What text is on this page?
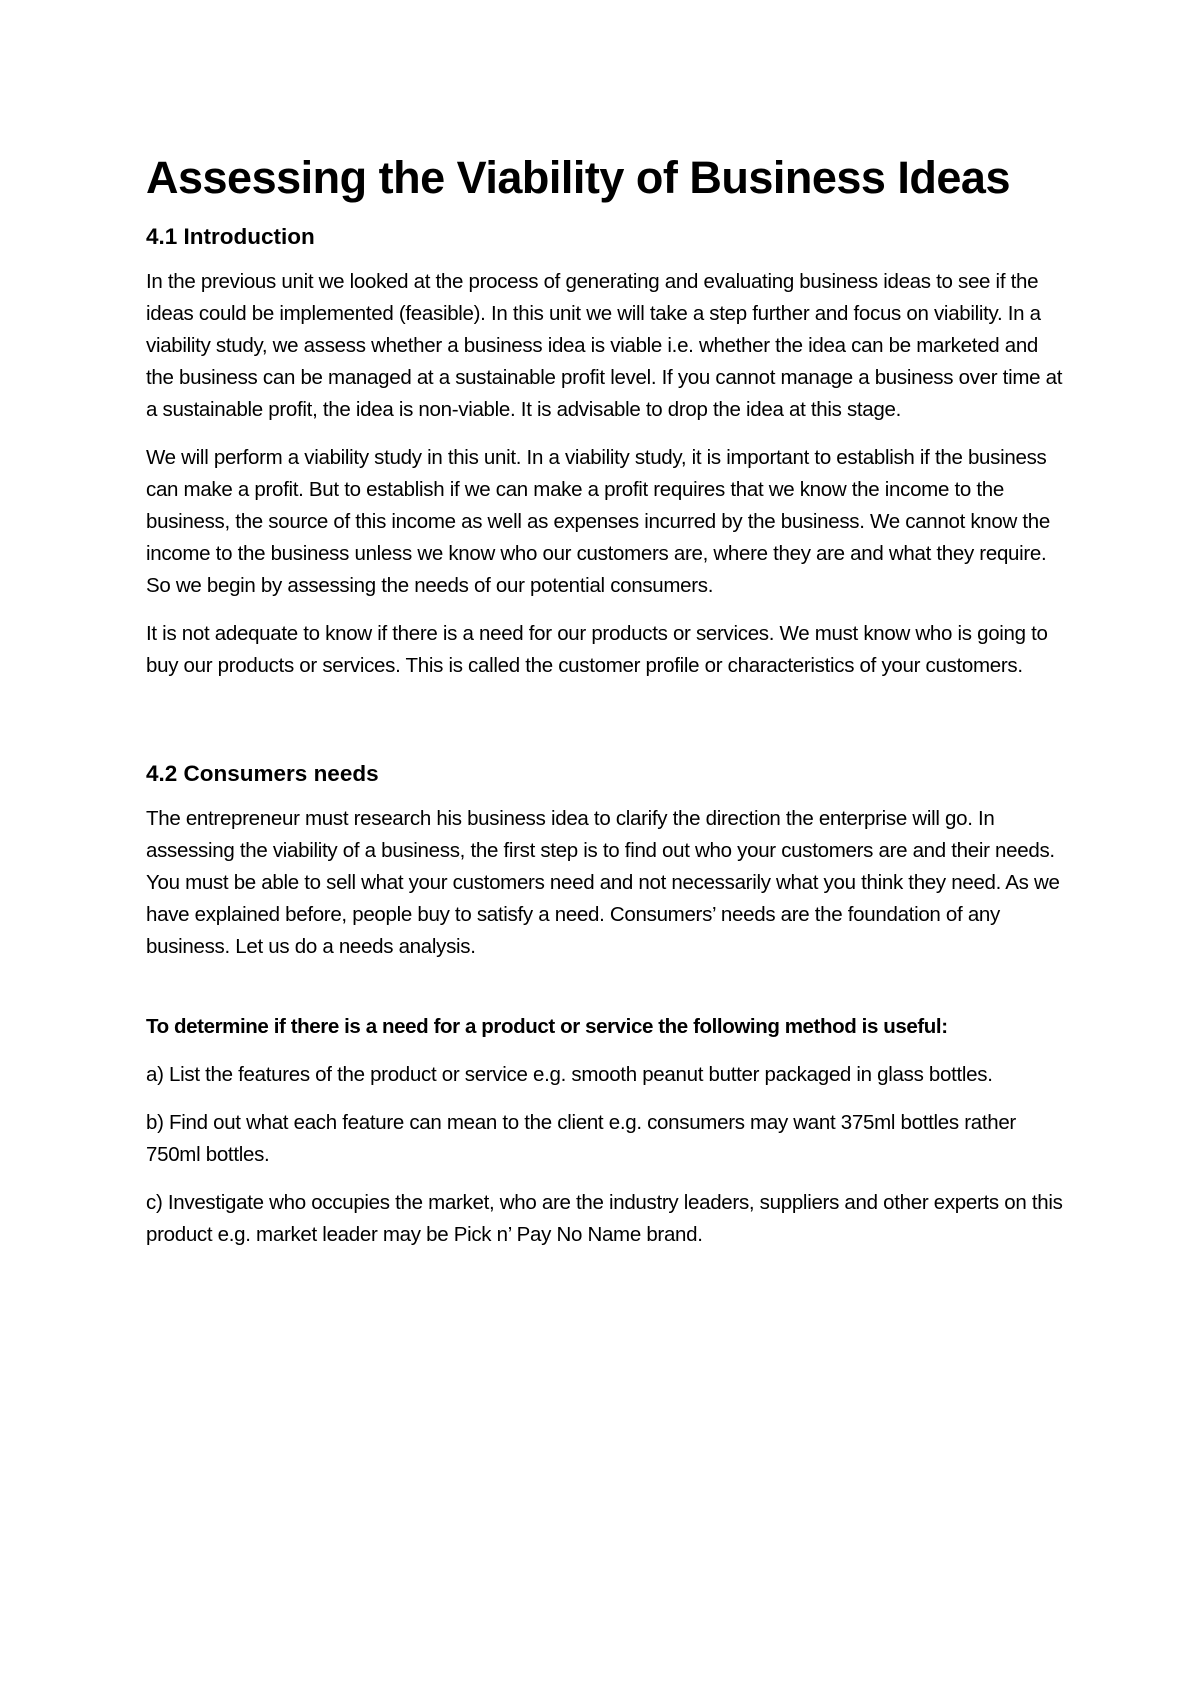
Assessing the Viability of Business Ideas
4.1 Introduction

In the previous unit we looked at the process of generating and evaluating business ideas to see if the ideas could be implemented (feasible). In this unit we will take a step further and focus on viability. In a viability study, we assess whether a business idea is viable i.e. whether the idea can be marketed and the business can be managed at a sustainable profit level. If you cannot manage a business over time at a sustainable profit, the idea is non-viable. It is advisable to drop the idea at this stage.

We will perform a viability study in this unit. In a viability study, it is important to establish if the business can make a profit. But to establish if we can make a profit requires that we know the income to the business, the source of this income as well as expenses incurred by the business. We cannot know the income to the business unless we know who our customers are, where they are and what they require. So we begin by assessing the needs of our potential consumers.

It is not adequate to know if there is a need for our products or services. We must know who is going to buy our products or services. This is called the customer profile or characteristics of your customers.

4.2 Consumers needs

The entrepreneur must research his business idea to clarify the direction the enterprise will go. In assessing the viability of a business, the first step is to find out who your customers are and their needs. You must be able to sell what your customers need and not necessarily what you think they need. As we have explained before, people buy to satisfy a need. Consumers’ needs are the foundation of any business. Let us do a needs analysis.

To determine if there is a need for a product or service the following method is useful:

a) List the features of the product or service e.g. smooth peanut butter packaged in glass bottles.

b) Find out what each feature can mean to the client e.g. consumers may want 375ml bottles rather 750ml bottles.

c) Investigate who occupies the market, who are the industry leaders, suppliers and other experts on this product e.g. market leader may be Pick n’ Pay No Name brand.
